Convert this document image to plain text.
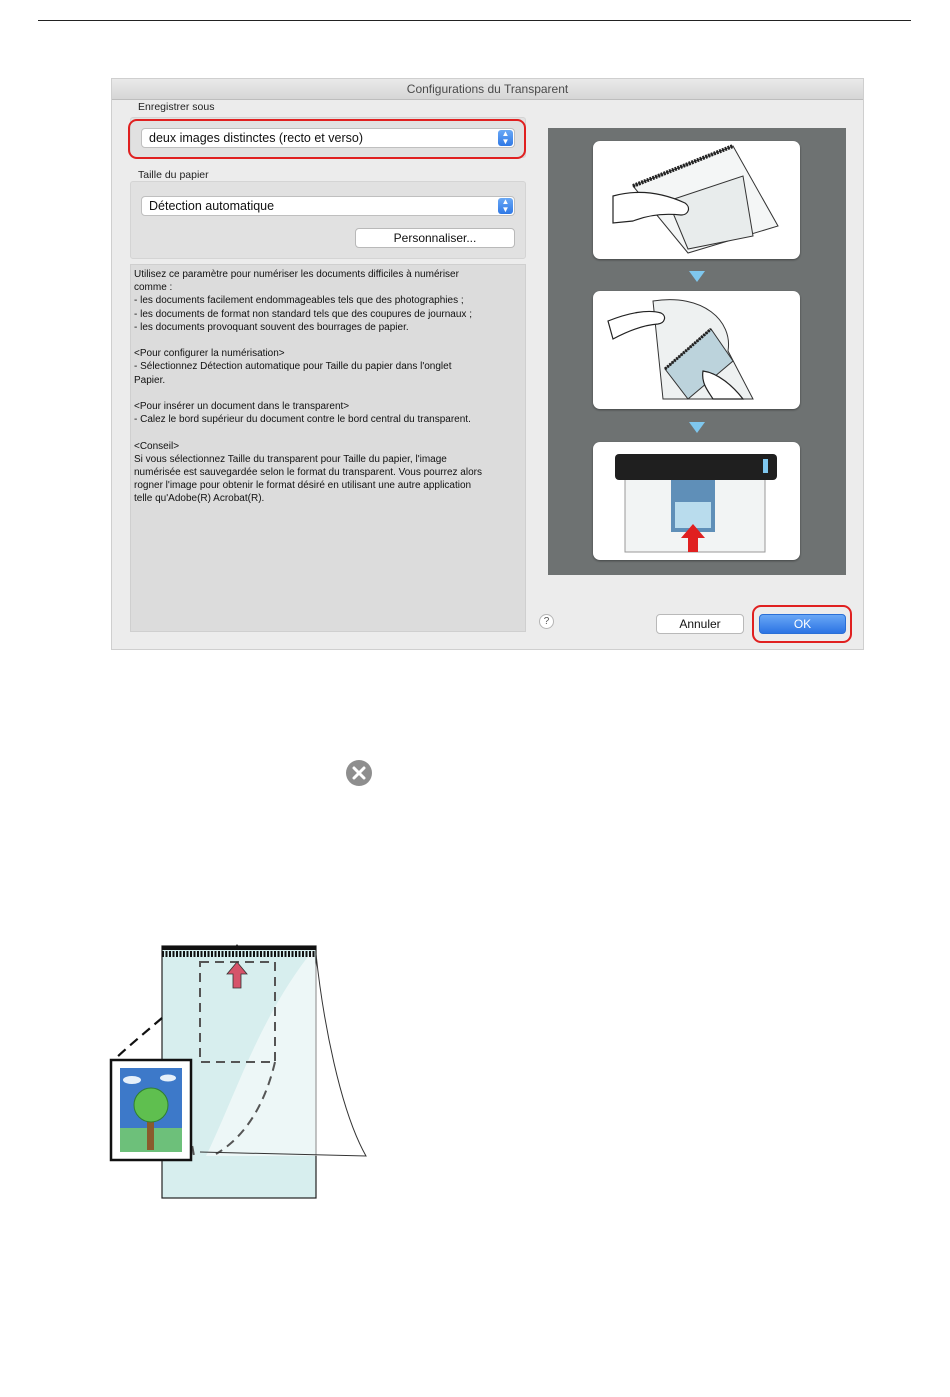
Configurations du Transparent
Enregistrer sous
deux images distinctes (recto et verso)	▲
▼
Taille du papier
Détection automatique	▲
▼
Personnaliser...
Utilisez ce paramètre pour numériser les documents difficiles à numériser
comme :
- les documents facilement endommageables tels que des photographies ;
- les documents de format non standard tels que des coupures de journaux ;
- les documents provoquant souvent des bourrages de papier.
<Pour configurer la numérisation>
- Sélectionnez Détection automatique pour Taille du papier dans l'onglet
Papier.
<Pour insérer un document dans le transparent>
- Calez le bord supérieur du document contre le bord central du transparent.
<Conseil>
Si vous sélectionnez Taille du transparent pour Taille du papier, l'image
numérisée est sauvegardée selon le format du transparent. Vous pourrez alors
rogner l'image pour obtenir le format désiré en utilisant une autre application
telle qu'Adobe(R) Acrobat(R).
?	Annuler	OK
